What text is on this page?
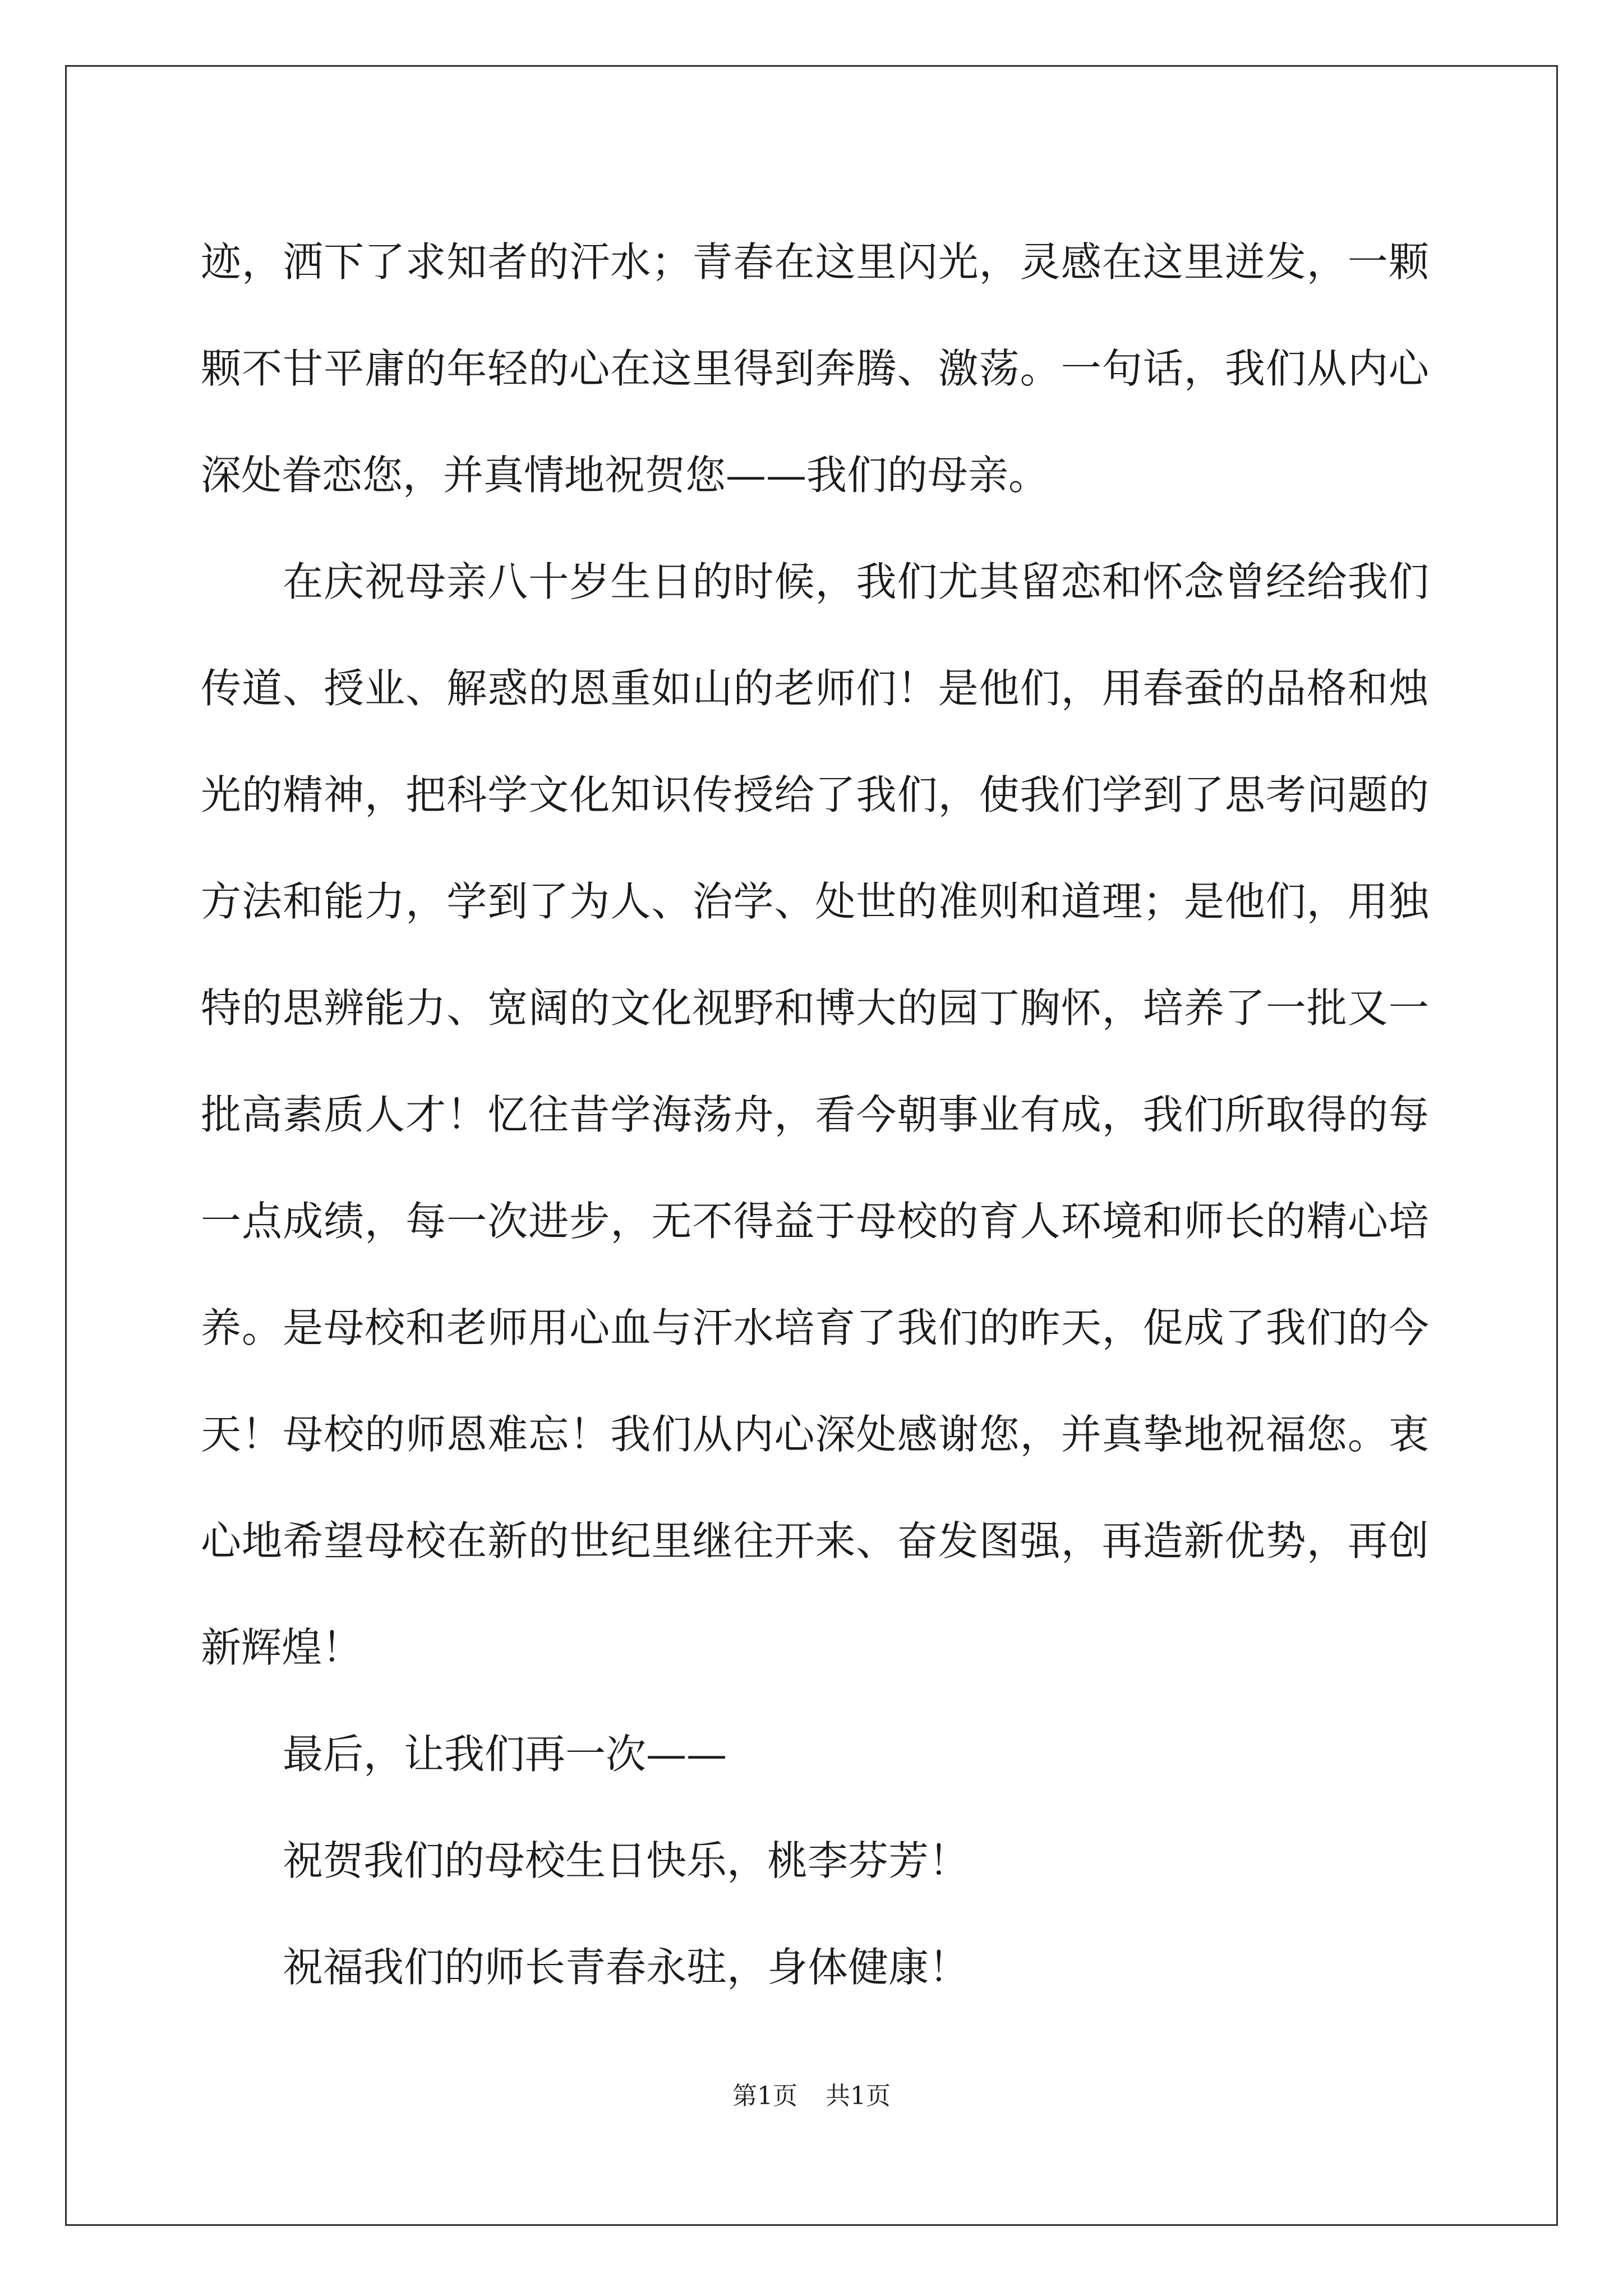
迹，洒下了求知者的汗水；青春在这里闪光，灵感在这里迸发，一颗颗不甘平庸的年轻的心在这里得到奔腾、激荡。一句话，我们从内心深处眷恋您，并真情地祝贺您——我们的母亲。

在庆祝母亲八十岁生日的时候，我们尤其留恋和怀念曾经给我们传道、授业、解惑的恩重如山的老师们！是他们，用春蚕的品格和烛光的精神，把科学文化知识传授给了我们，使我们学到了思考问题的方法和能力，学到了为人、治学、处世的准则和道理；是他们，用独特的思辨能力、宽阔的文化视野和博大的园丁胸怀，培养了一批又一批高素质人才！忆往昔学海荡舟，看今朝事业有成，我们所取得的每一点成绩，每一次进步，无不得益于母校的育人环境和师长的精心培养。是母校和老师用心血与汗水培育了我们的昨天，促成了我们的今天！母校的师恩难忘！我们从内心深处感谢您，并真挚地祝福您。衷心地希望母校在新的世纪里继往开来、奋发图强，再造新优势，再创新辉煌！

最后，让我们再一次——

祝贺我们的母校生日快乐，桃李芬芳！

祝福我们的师长青春永驻，身体健康！

第1页 共1页
